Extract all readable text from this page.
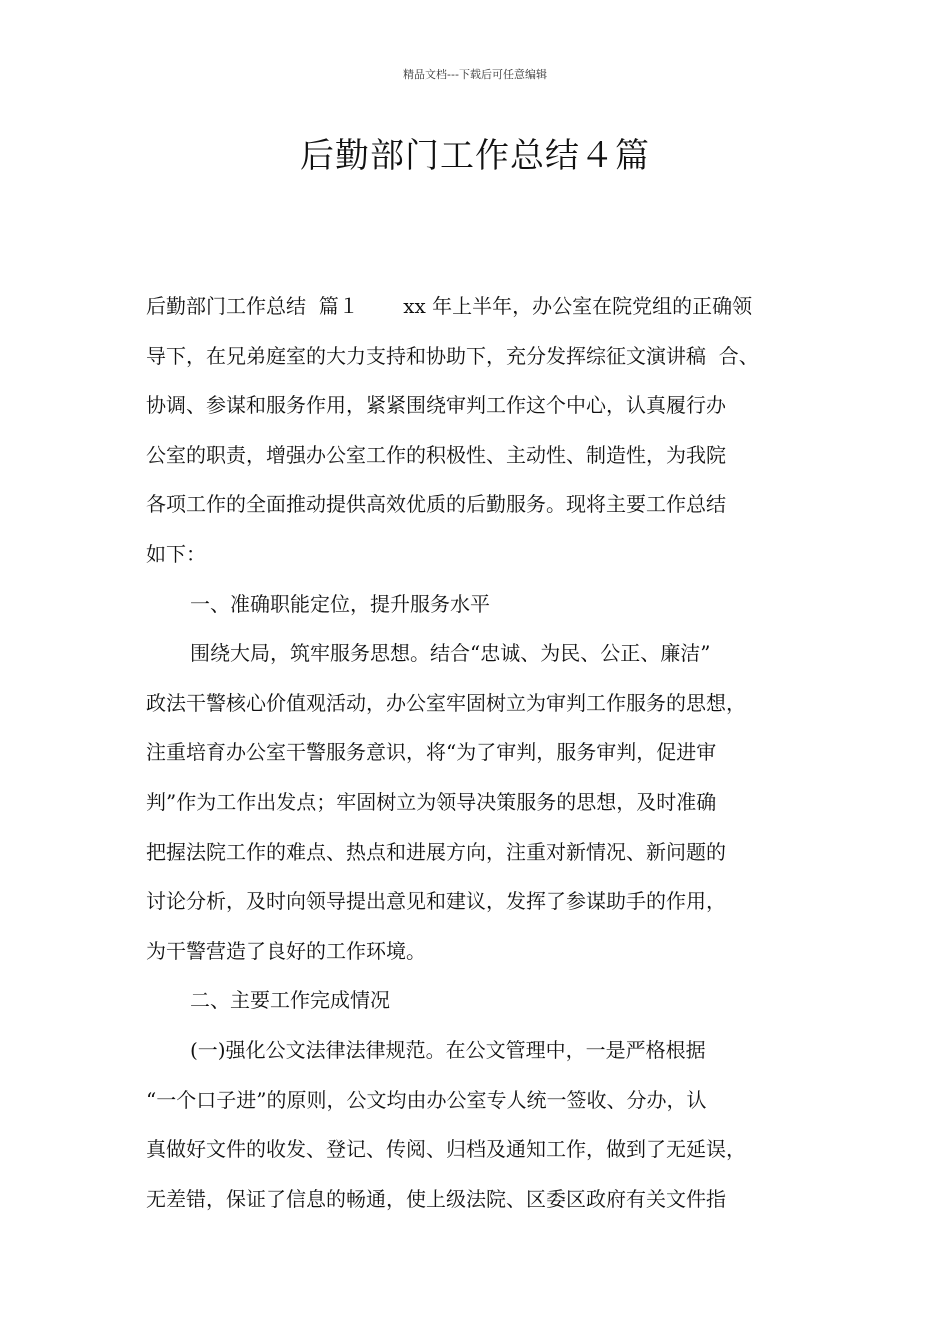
精品文档---下载后可任意编辑
后勤部门工作总结４篇
后勤部门工作总结  篇１       xx 年上半年，办公室在院党组的正确领
导下，在兄弟庭室的大力支持和协助下，充分发挥综征文演讲稿  合、
协调、参谋和服务作用，紧紧围绕审判工作这个中心，认真履行办
公室的职责，增强办公室工作的积极性、主动性、制造性，为我院
各项工作的全面推动提供高效优质的后勤服务。现将主要工作总结
如下：
一、准确职能定位，提升服务水平
围绕大局，筑牢服务思想。结合“忠诚、为民、公正、廉洁”
政法干警核心价值观活动，办公室牢固树立为审判工作服务的思想，
注重培育办公室干警服务意识，将“为了审判，服务审判，促进审
判”作为工作出发点；牢固树立为领导决策服务的思想，及时准确
把握法院工作的难点、热点和进展方向，注重对新情况、新问题的
讨论分析，及时向领导提出意见和建议，发挥了参谋助手的作用，
为干警营造了良好的工作环境。
二、主要工作完成情况
(一)强化公文法律法律规范。在公文管理中，一是严格根据
“一个口子进”的原则，公文均由办公室专人统一签收、分办，认
真做好文件的收发、登记、传阅、归档及通知工作，做到了无延误，
无差错，保证了信息的畅通，使上级法院、区委区政府有关文件指
